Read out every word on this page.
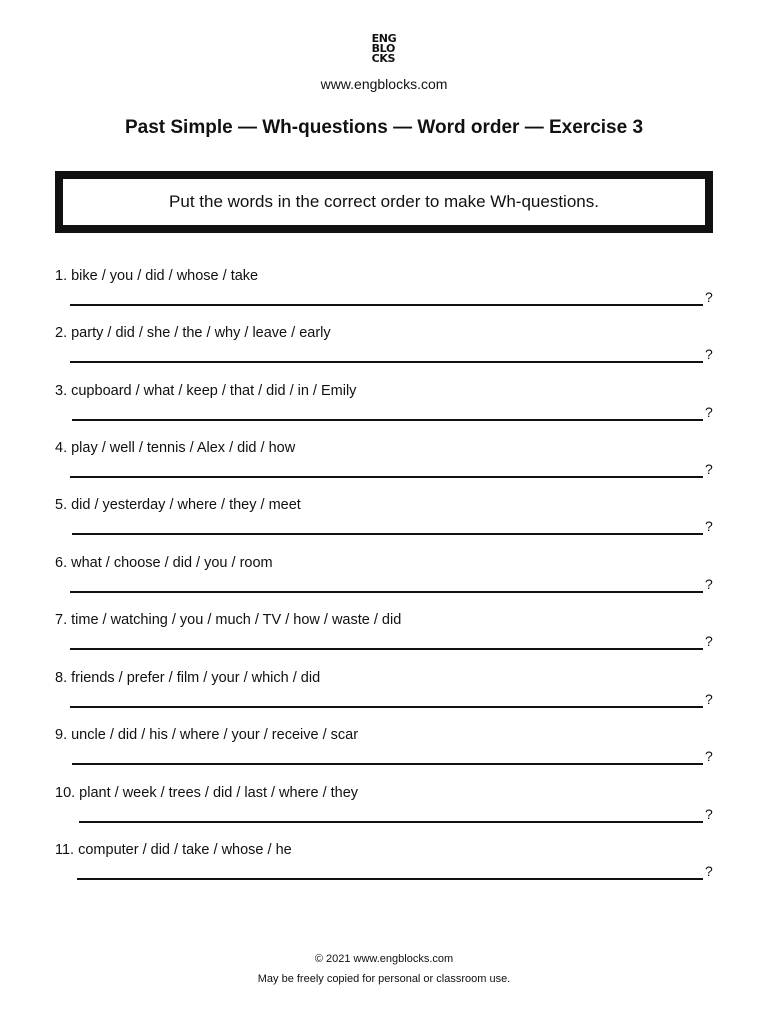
ENG
BLO
CKS
www.engblocks.com
Past Simple — Wh-questions — Word order — Exercise 3
Put the words in the correct order to make Wh-questions.
1. bike / you / did / whose / take
?
2. party / did / she / the / why / leave / early
?
3. cupboard / what / keep / that / did / in / Emily
?
4. play / well / tennis / Alex / did / how
?
5. did / yesterday / where / they / meet
?
6. what / choose / did / you / room
?
7. time / watching / you / much / TV / how / waste / did
?
8. friends / prefer / film / your / which / did
?
9. uncle / did / his / where / your / receive / scar
?
10. plant / week / trees / did / last / where / they
?
11. computer / did / take / whose / he
?
© 2021 www.engblocks.com
May be freely copied for personal or classroom use.
